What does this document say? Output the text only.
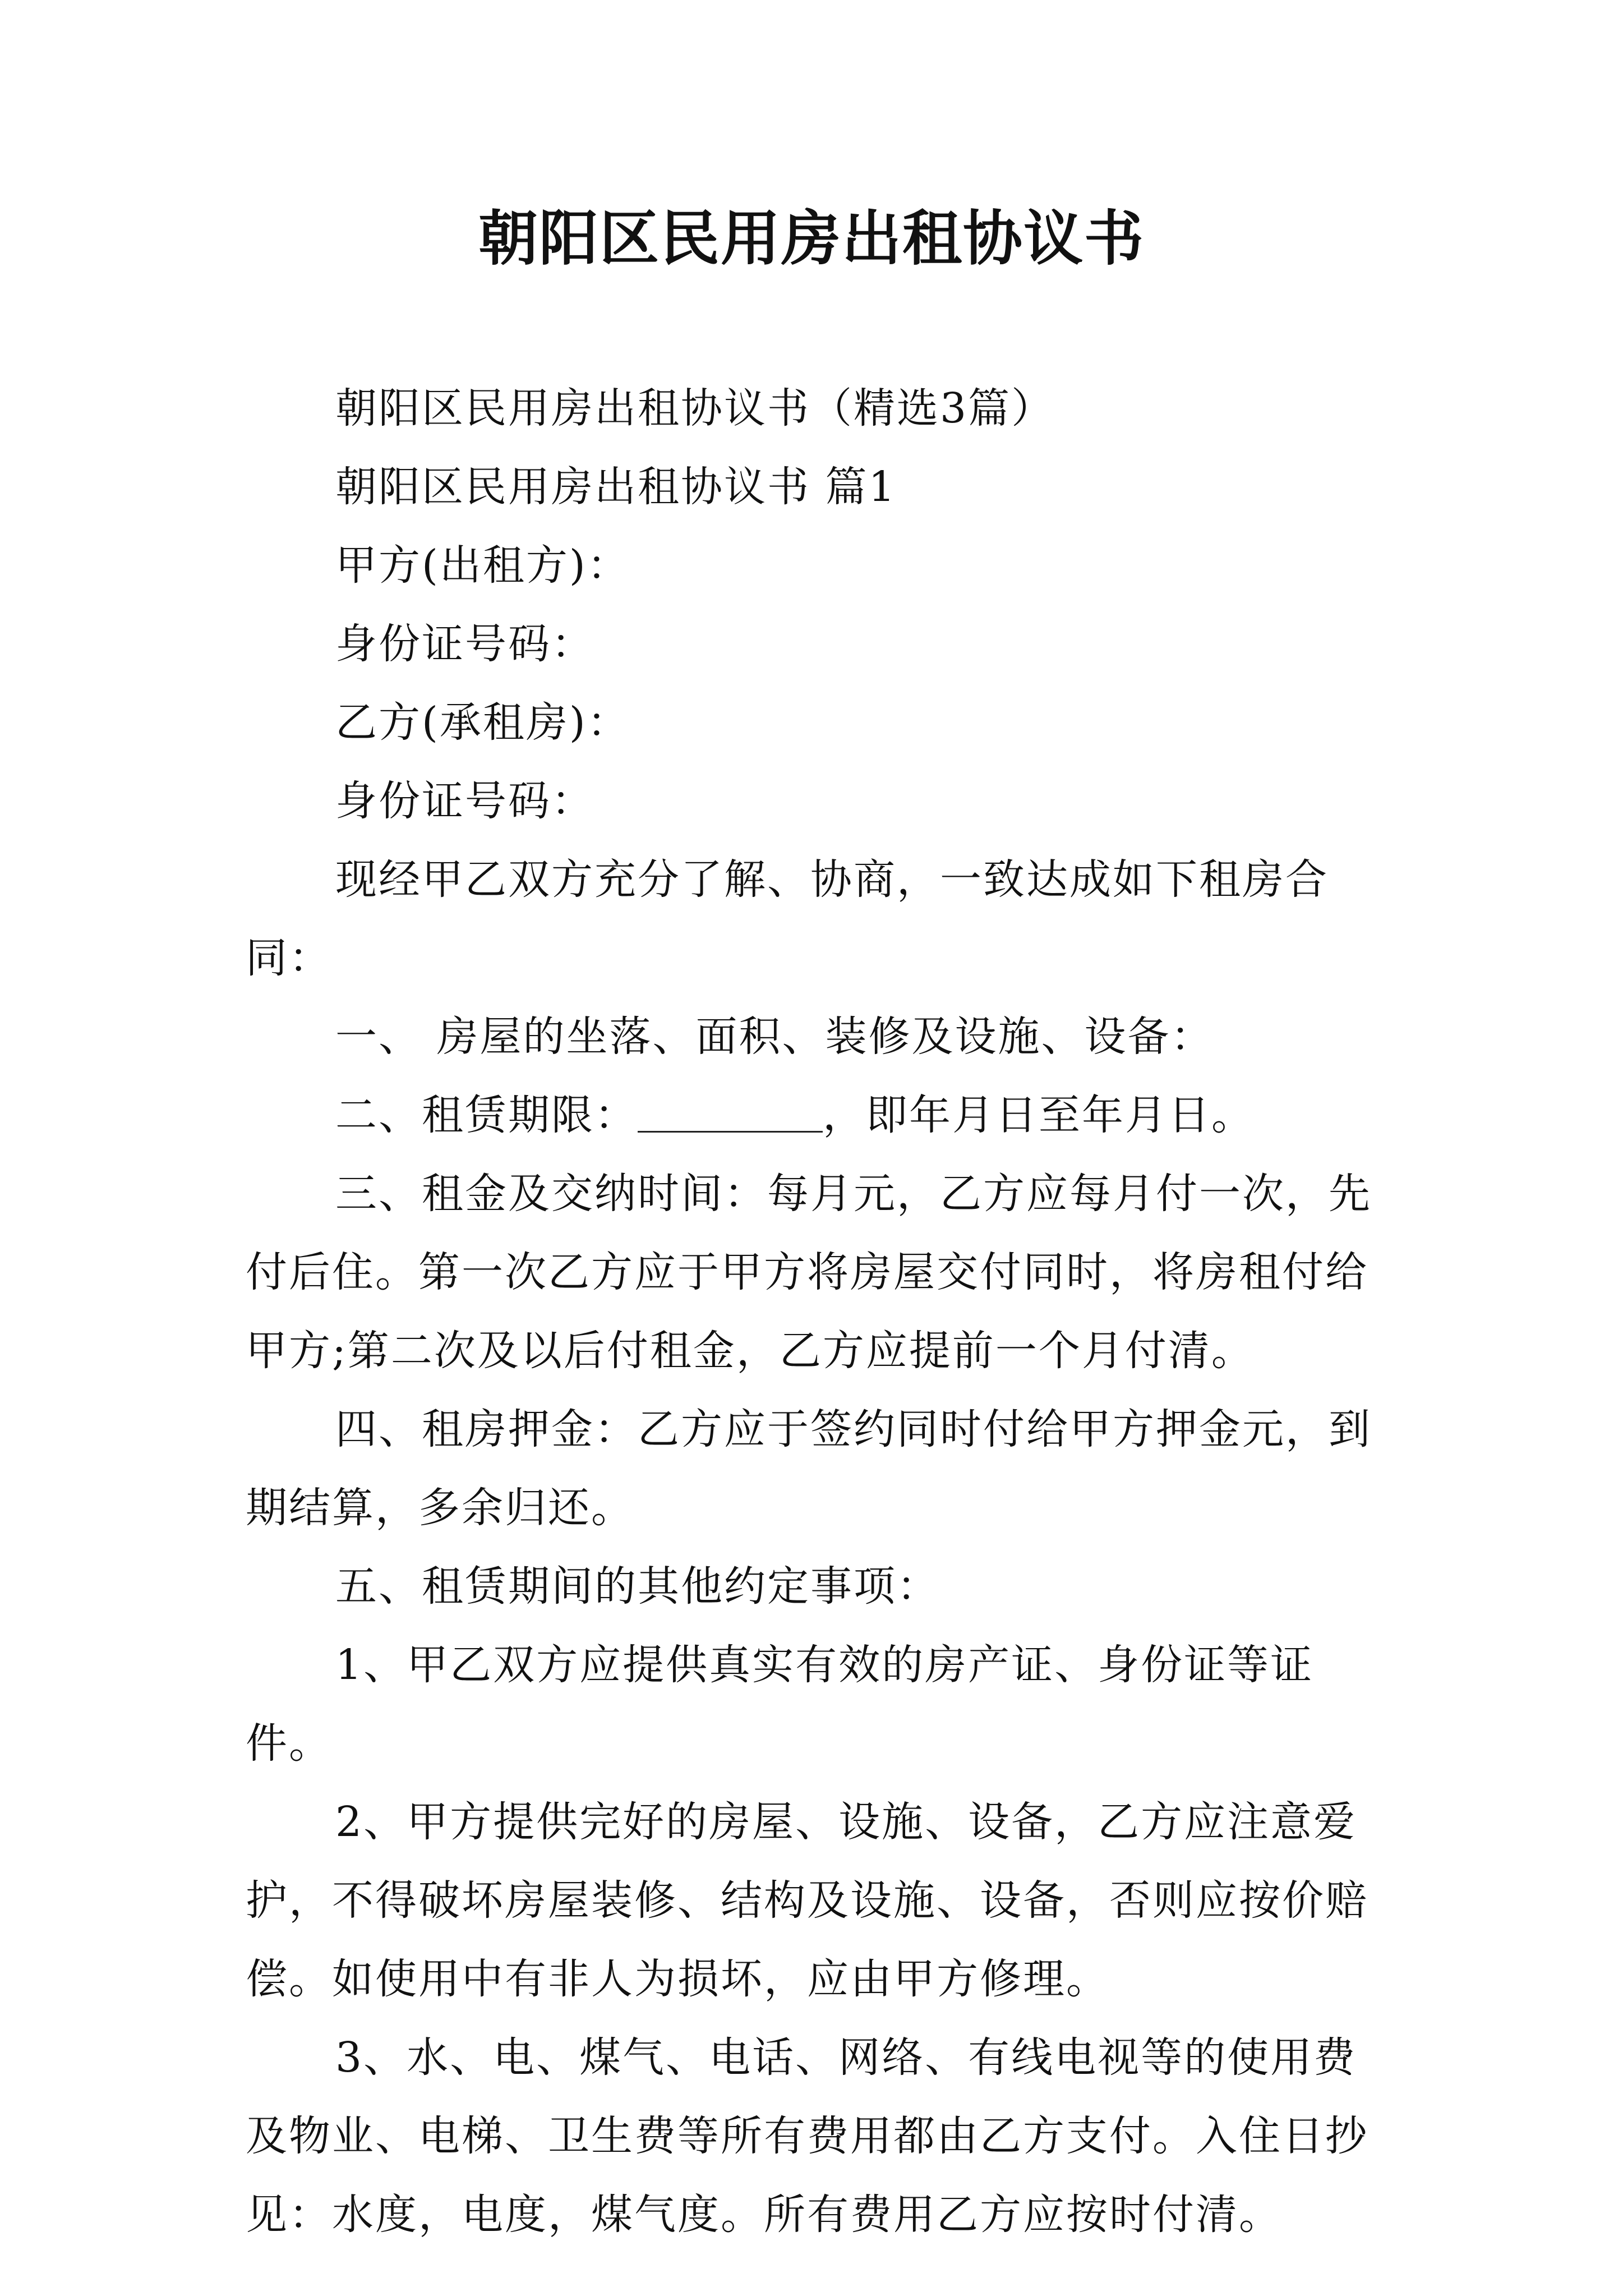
朝阳区民用房出租协议书

朝阳区民用房出租协议书（精选3篇）

朝阳区民用房出租协议书 篇1

甲方(出租方)：

身份证号码：

乙方(承租房)：

身份证号码：

现经甲乙双方充分了解、协商，一致达成如下租房合同：

一、 房屋的坐落、面积、装修及设施、设备：

二、租赁期限：	，即年月日至年月日。

三、租金及交纳时间：每月元，乙方应每月付一次，先付后住。第一次乙方应于甲方将房屋交付同时，将房租付给甲方;第二次及以后付租金，乙方应提前一个月付清。

四、租房押金：乙方应于签约同时付给甲方押金元，到期结算，多余归还。

五、租赁期间的其他约定事项：

1、甲乙双方应提供真实有效的房产证、身份证等证件。

2、甲方提供完好的房屋、设施、设备，乙方应注意爱护，不得破坏房屋装修、结构及设施、设备，否则应按价赔偿。如使用中有非人为损坏，应由甲方修理。

3、水、电、煤气、电话、网络、有线电视等的使用费及物业、电梯、卫生费等所有费用都由乙方支付。入住日抄见：水度，电度，煤气度。所有费用乙方应按时付清。
